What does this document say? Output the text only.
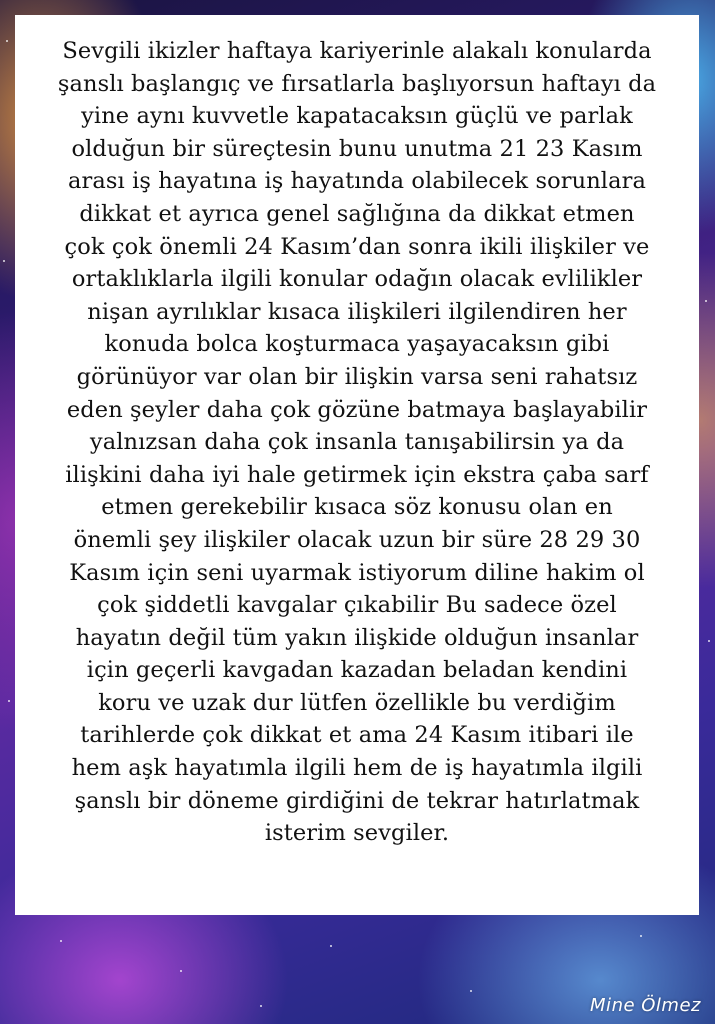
Sevgili ikizler haftaya kariyerinle alakalı konularda
şanslı başlangıç ve fırsatlarla başlıyorsun haftayı da
yine aynı kuvvetle kapatacaksın güçlü ve parlak
olduğun bir süreçtesin bunu unutma 21 23 Kasım
arası iş hayatına iş hayatında olabilecek sorunlara
dikkat et ayrıca genel sağlığına da dikkat etmen
çok çok önemli 24 Kasım’dan sonra ikili ilişkiler ve
ortaklıklarla ilgili konular odağın olacak evlilikler
nişan ayrılıklar kısaca ilişkileri ilgilendiren her
konuda bolca koşturmaca yaşayacaksın gibi
görünüyor var olan bir ilişkin varsa seni rahatsız
eden şeyler daha çok gözüne batmaya başlayabilir
yalnızsan daha çok insanla tanışabilirsin ya da
ilişkini daha iyi hale getirmek için ekstra çaba sarf
etmen gerekebilir kısaca söz konusu olan en
önemli şey ilişkiler olacak uzun bir süre 28 29 30
Kasım için seni uyarmak istiyorum diline hakim ol
çok şiddetli kavgalar çıkabilir Bu sadece özel
hayatın değil tüm yakın ilişkide olduğun insanlar
için geçerli kavgadan kazadan beladan kendini
koru ve uzak dur lütfen özellikle bu verdiğim
tarihlerde çok dikkat et ama 24 Kasım itibari ile
hem aşk hayatımla ilgili hem de iş hayatımla ilgili
şanslı bir döneme girdiğini de tekrar hatırlatmak
isterim sevgiler.
Mine Ölmez
